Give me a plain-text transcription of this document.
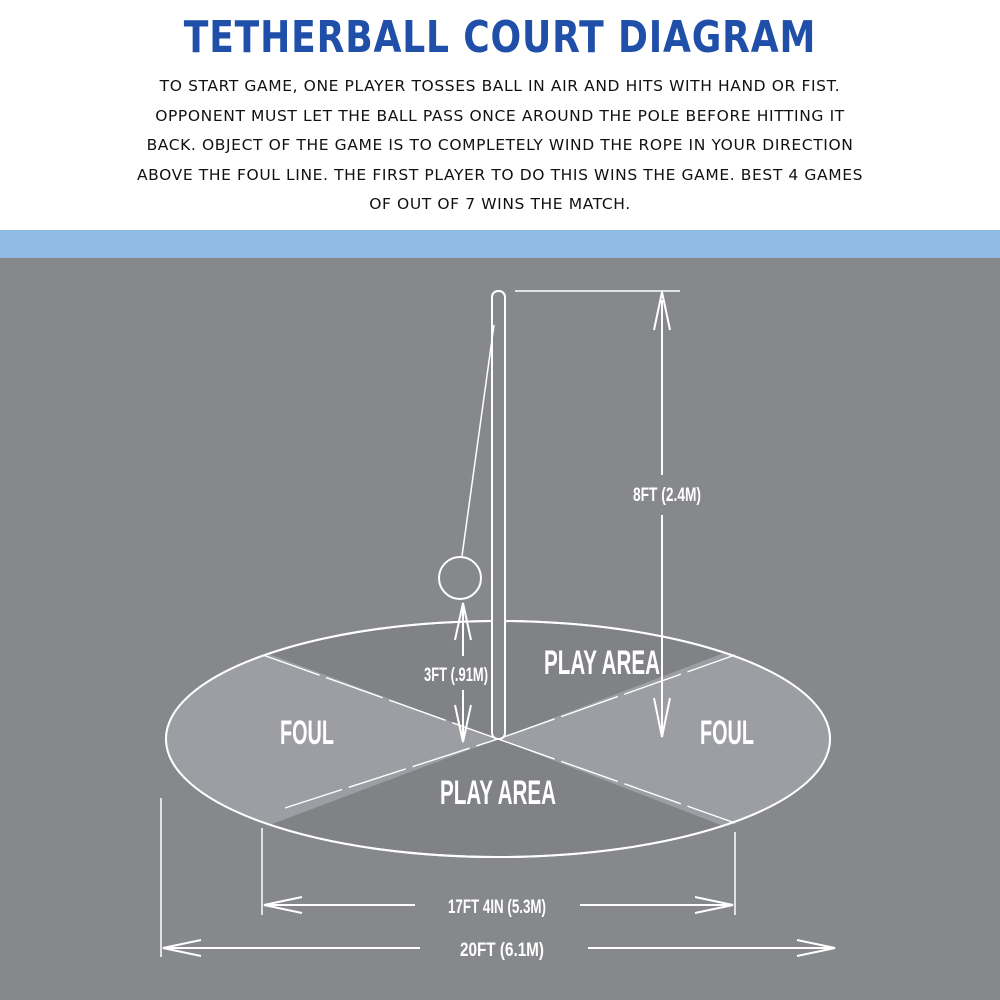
TETHERBALL COURT DIAGRAM
TO START GAME, ONE PLAYER TOSSES BALL IN AIR AND HITS WITH HAND OR FIST.
OPPONENT MUST LET THE BALL PASS ONCE AROUND THE POLE BEFORE HITTING IT
BACK. OBJECT OF THE GAME IS TO COMPLETELY WIND THE ROPE IN YOUR DIRECTION
ABOVE THE FOUL LINE. THE FIRST PLAYER TO DO THIS WINS THE GAME. BEST 4 GAMES
OF OUT OF 7 WINS THE MATCH.
8FT (2.4M)
3FT (.91M) PLAY AREA
PLAY AREA
FOUL	FOUL
17FT 4IN (5.3M)
20FT (6.1M)
